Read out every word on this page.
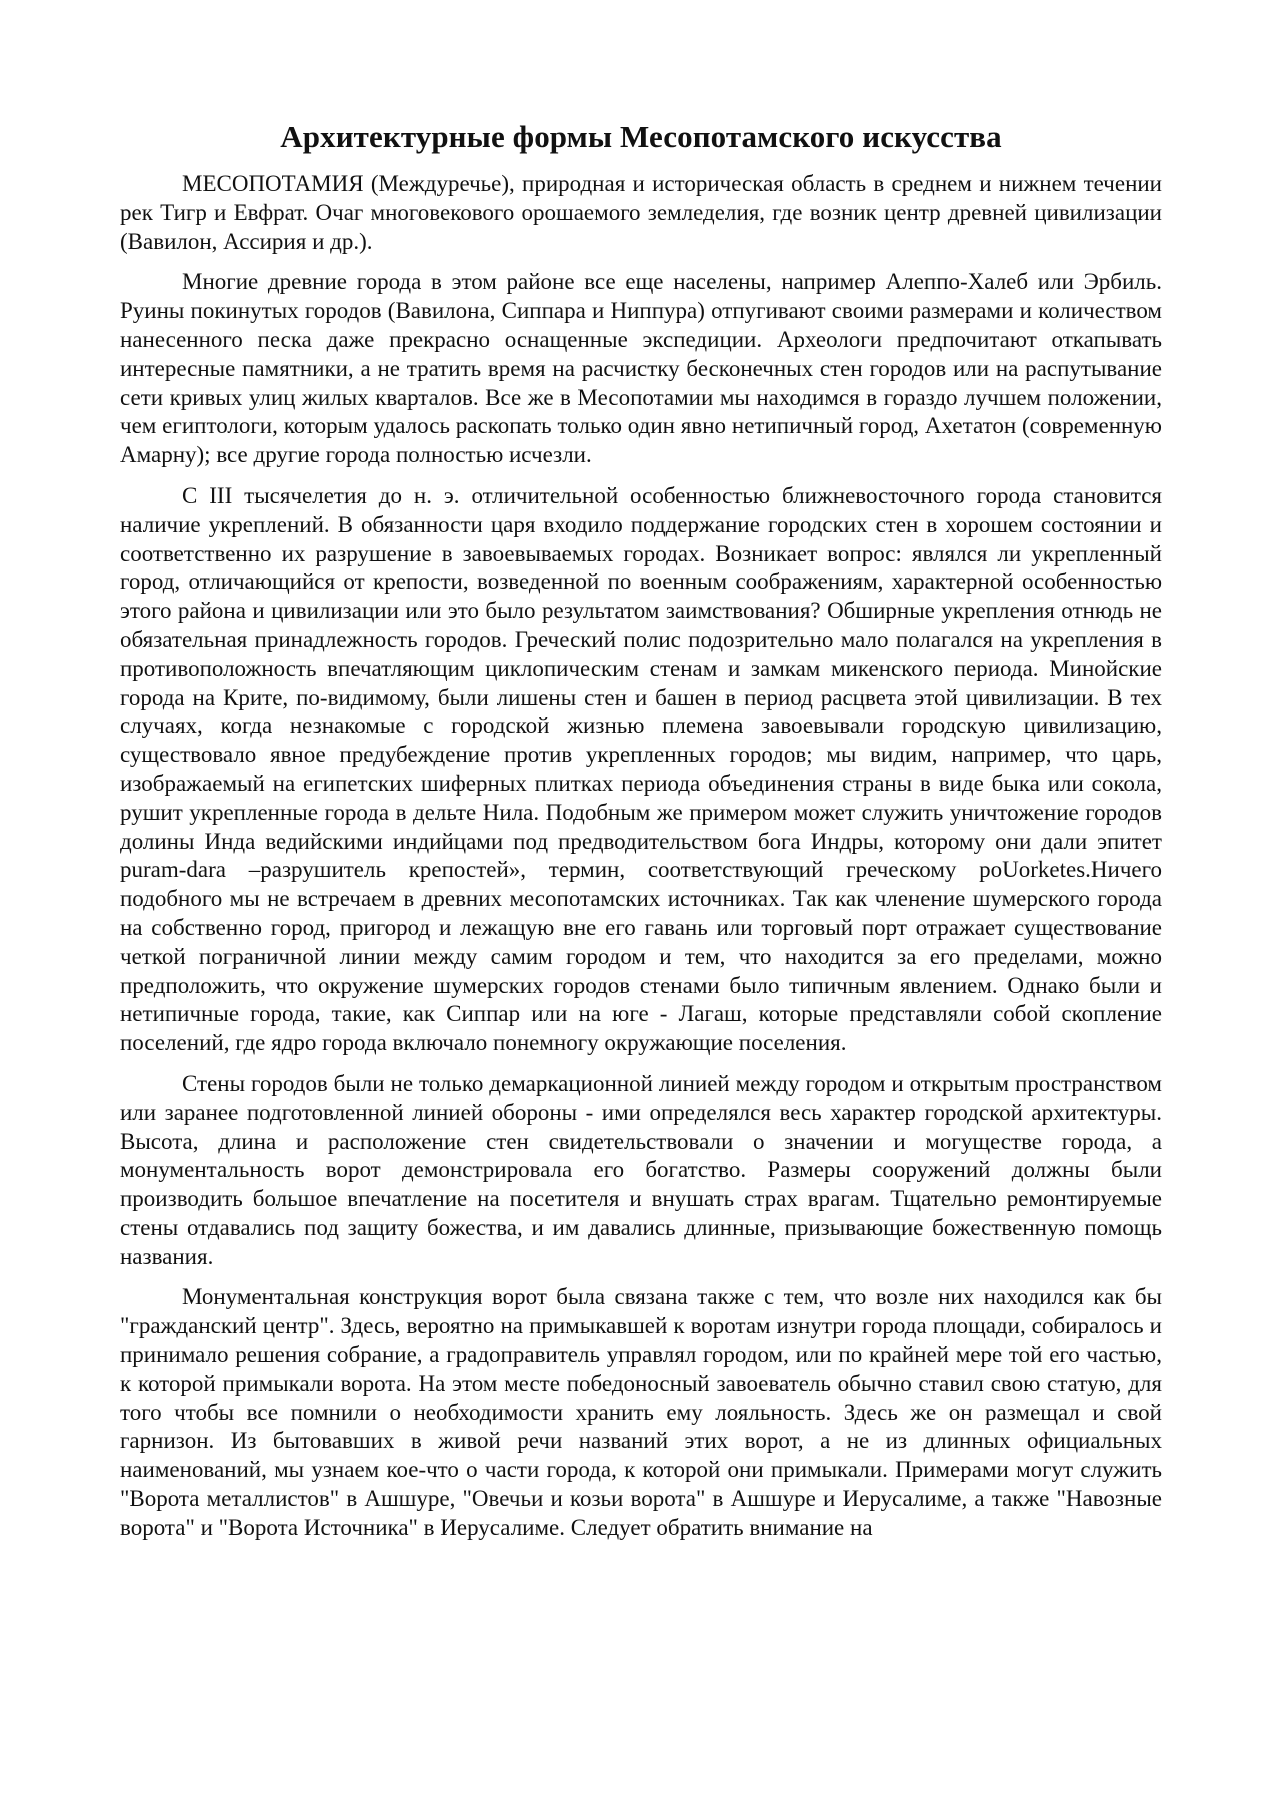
Архитектурные формы Месопотамского искусства

МЕСОПОТАМИЯ (Междуречье), природная и историческая область в среднем и нижнем течении рек Тигр и Евфрат. Очаг многовекового орошаемого земледелия, где возник центр древней цивилизации (Вавилон, Ассирия и др.).

Многие древние города в этом районе все еще населены, например Алеппо-Халеб или Эрбиль. Руины покинутых городов (Вавилона, Сиппара и Ниппура) отпугивают своими размерами и количеством нанесенного песка даже прекрасно оснащенные экспедиции. Археологи предпочитают откапывать интересные памятники, а не тратить время на расчистку бесконечных стен городов или на распутывание сети кривых улиц жилых кварталов. Все же в Месопотамии мы находимся в гораздо лучшем положении, чем египтологи, которым удалось раскопать только один явно нетипичный город, Ахетатон (современную Амарну); все другие города полностью исчезли.

С III тысячелетия до н. э. отличительной особенностью ближневосточного города становится наличие укреплений. В обязанности царя входило поддержание городских стен в хорошем состоянии и соответственно их разрушение в завоевываемых городах. Возникает вопрос: являлся ли укрепленный город, отличающийся от крепости, возведенной по военным соображениям, характерной особенностью этого района и цивилизации или это было результатом заимствования? Обширные укрепления отнюдь не обязательная принадлежность городов. Греческий полис подозрительно мало полагался на укрепления в противоположность впечатляющим циклопическим стенам и замкам микенского периода. Минойские города на Крите, по-видимому, были лишены стен и башен в период расцвета этой цивилизации. В тех случаях, когда незнакомые с городской жизнью племена завоевывали городскую цивилизацию, существовало явное предубеждение против укрепленных городов; мы видим, например, что царь, изображаемый на египетских шиферных плитках периода объединения страны в виде быка или сокола, рушит укрепленные города в дельте Нила. Подобным же примером может служить уничтожение городов долины Инда ведийскими индийцами под предводительством бога Индры, которому они дали эпитет puram-dara –разрушитель крепостей», термин, соответствующий греческому poUorketes.Ничего подобного мы не встречаем в древних месопотамских источниках. Так как членение шумерского города на собственно город, пригород и лежащую вне его гавань или торговый порт отражает существование четкой пограничной линии между самим городом и тем, что находится за его пределами, можно предположить, что окружение шумерских городов стенами было типичным явлением. Однако были и нетипичные города, такие, как Сиппар или на юге - Лагаш, которые представляли собой скопление поселений, где ядро города включало понемногу окружающие поселения.

Стены городов были не только демаркационной линией между городом и открытым пространством или заранее подготовленной линией обороны - ими определялся весь характер городской архитектуры. Высота, длина и расположение стен свидетельствовали о значении и могуществе города, а монументальность ворот демонстрировала его богатство. Размеры сооружений должны были производить большое впечатление на посетителя и внушать страх врагам. Тщательно ремонтируемые стены отдавались под защиту божества, и им давались длинные, призывающие божественную помощь названия.

Монументальная конструкция ворот была связана также с тем, что возле них находился как бы "гражданский центр". Здесь, вероятно на примыкавшей к воротам изнутри города площади, собиралось и принимало решения собрание, а градоправитель управлял городом, или по крайней мере той его частью, к которой примыкали ворота. На этом месте победоносный завоеватель обычно ставил свою статую, для того чтобы все помнили о необходимости хранить ему лояльность. Здесь же он размещал и свой гарнизон. Из бытовавших в живой речи названий этих ворот, а не из длинных официальных наименований, мы узнаем кое-что о части города, к которой они примыкали. Примерами могут служить "Ворота металлистов" в Ашшуре, "Овечьи и козьи ворота" в Ашшуре и Иерусалиме, а также "Навозные ворота" и "Ворота Источника" в Иерусалиме. Следует обратить внимание на
